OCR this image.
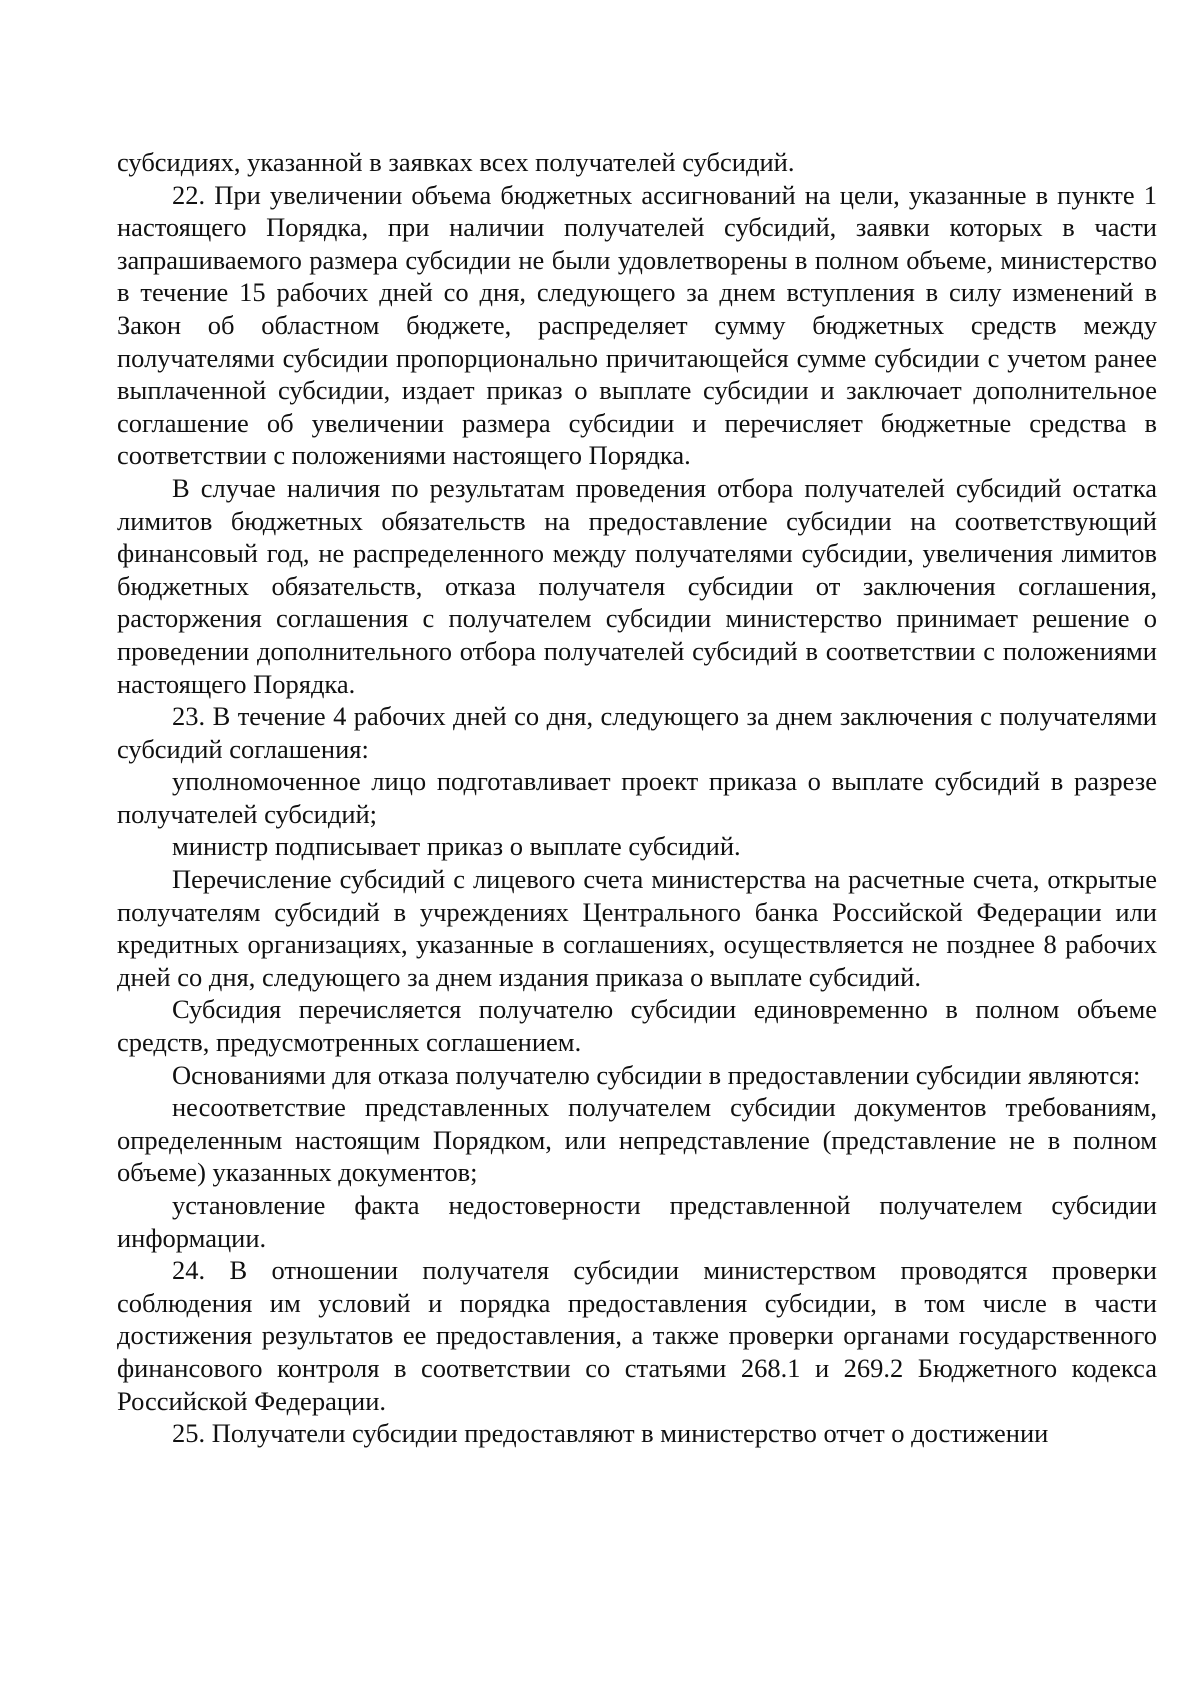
субсидиях, указанной в заявках всех получателей субсидий.

22. При увеличении объема бюджетных ассигнований на цели, указанные в пункте 1 настоящего Порядка, при наличии получателей субсидий, заявки которых в части запрашиваемого размера субсидии не были удовлетворены в полном объеме, министерство в течение 15 рабочих дней со дня, следующего за днем вступления в силу изменений в Закон об областном бюджете, распределяет сумму бюджетных средств между получателями субсидии пропорционально причитающейся сумме субсидии с учетом ранее выплаченной субсидии, издает приказ о выплате субсидии и заключает дополнительное соглашение об увеличении размера субсидии и перечисляет бюджетные средства в соответствии с положениями настоящего Порядка.

В случае наличия по результатам проведения отбора получателей субсидий остатка лимитов бюджетных обязательств на предоставление субсидии на соответствующий финансовый год, не распределенного между получателями субсидии, увеличения лимитов бюджетных обязательств, отказа получателя субсидии от заключения соглашения, расторжения соглашения с получателем субсидии министерство принимает решение о проведении дополнительного отбора получателей субсидий в соответствии с положениями настоящего Порядка.

23. В течение 4 рабочих дней со дня, следующего за днем заключения с получателями субсидий соглашения:

уполномоченное лицо подготавливает проект приказа о выплате субсидий в разрезе получателей субсидий;

министр подписывает приказ о выплате субсидий.

Перечисление субсидий с лицевого счета министерства на расчетные счета, открытые получателям субсидий в учреждениях Центрального банка Российской Федерации или кредитных организациях, указанные в соглашениях, осуществляется не позднее 8 рабочих дней со дня, следующего за днем издания приказа о выплате субсидий.

Субсидия перечисляется получателю субсидии единовременно в полном объеме средств, предусмотренных соглашением.

Основаниями для отказа получателю субсидии в предоставлении субсидии являются:

несоответствие представленных получателем субсидии документов требованиям, определенным настоящим Порядком, или непредставление (представление не в полном объеме) указанных документов;

установление факта недостоверности представленной получателем субсидии информации.

24. В отношении получателя субсидии министерством проводятся проверки соблюдения им условий и порядка предоставления субсидии, в том числе в части достижения результатов ее предоставления, а также проверки органами государственного финансового контроля в соответствии со статьями 268.1 и 269.2 Бюджетного кодекса Российской Федерации.

25. Получатели субсидии предоставляют в министерство отчет о достижении
